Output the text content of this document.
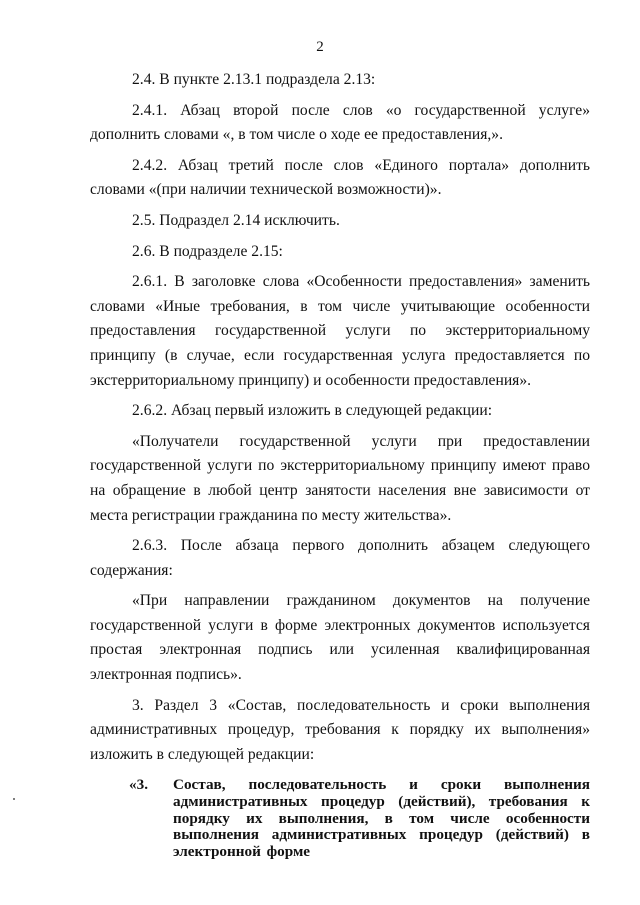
2

2.4. В пункте 2.13.1 подраздела 2.13:

2.4.1. Абзац второй после слов «о государственной услуге» дополнить словами «, в том числе о ходе ее предоставления,».

2.4.2. Абзац третий после слов «Единого портала» дополнить словами «(при наличии технической возможности)».

2.5. Подраздел 2.14 исключить.

2.6. В подразделе 2.15:

2.6.1. В заголовке слова «Особенности предоставления» заменить словами «Иные требования, в том числе учитывающие особенности предоставления государственной услуги по экстерриториальному принципу (в случае, если государственная услуга предоставляется по экстерриториальному принципу) и особенности предоставления».

2.6.2. Абзац первый изложить в следующей редакции:

«Получатели государственной услуги при предоставлении государственной услуги по экстерриториальному принципу имеют право на обращение в любой центр занятости населения вне зависимости от места регистрации гражданина по месту жительства».

2.6.3. После абзаца первого дополнить абзацем следующего содержания:

«При направлении гражданином документов на получение государственной услуги в форме электронных документов используется простая электронная подпись или усиленная квалифицированная электронная подпись».

3. Раздел 3 «Состав, последовательность и сроки выполнения административных процедур, требования к порядку их выполнения» изложить в следующей редакции:

«3.	Состав, последовательность и сроки выполнения административных процедур (действий), требования к порядку их выполнения, в том числе особенности выполнения административных процедур (действий) в электронной форме
